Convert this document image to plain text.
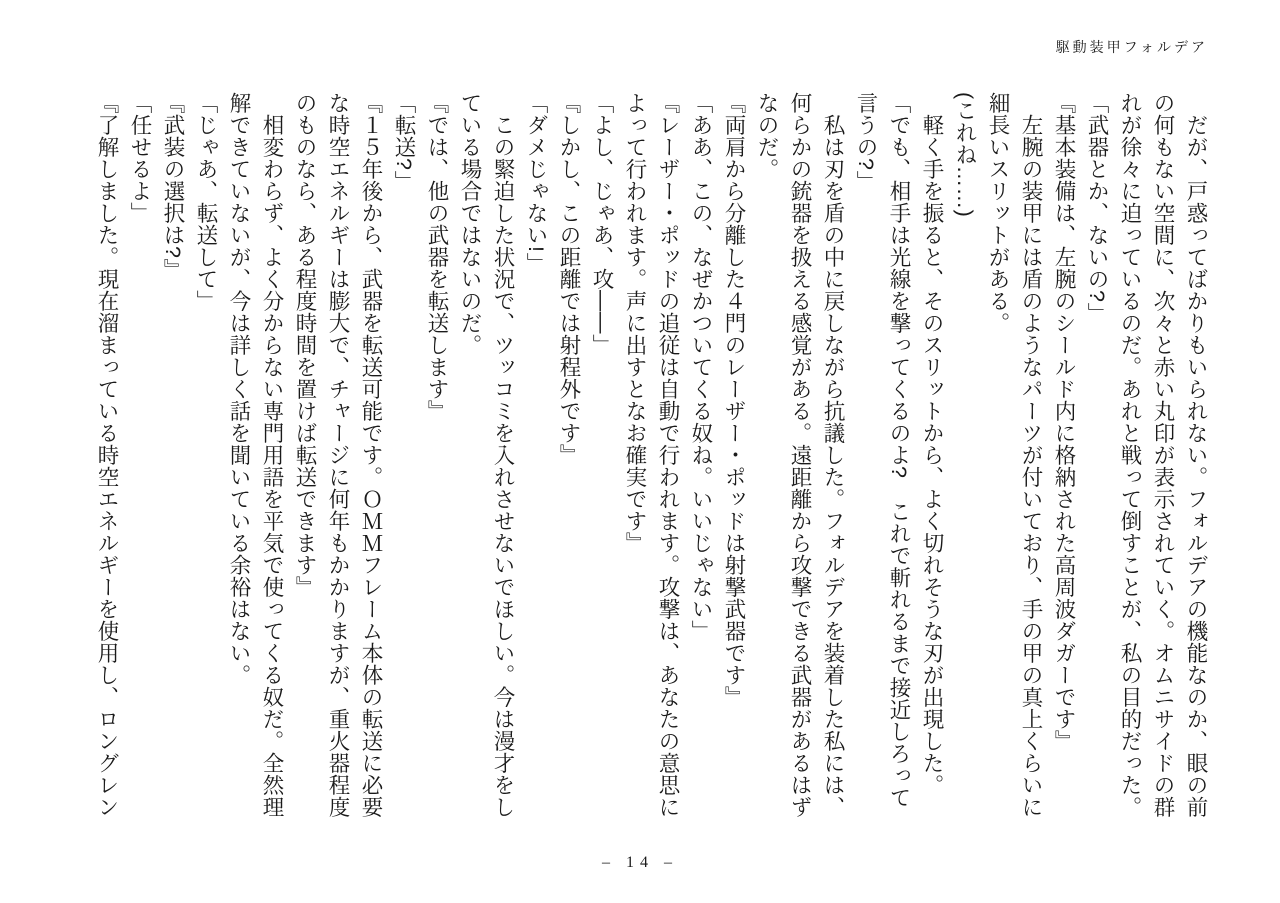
駆動装甲フォルデア

だが、戸惑ってばかりもいられない。フォルデアの機能なのか、眼の前の何もない空間に、次々と赤い丸印が表示されていく。オムニサイドの群れが徐々に迫っているのだ。あれと戦って倒すことが、私の目的だった。

「武器とか、ないの?」

『基本装備は、左腕のシールド内に格納された高周波ダガーです』

左腕の装甲には盾のようなパーツが付いており、手の甲の真上くらいに細長いスリットがある。

(これね……)

軽く手を振ると、そのスリットから、よく切れそうな刃が出現した。

「でも、相手は光線を撃ってくるのよ?　これで斬れるまで接近しろって言うの?」

私は刃を盾の中に戻しながら抗議した。フォルデアを装着した私には、何らかの銃器を扱える感覚がある。遠距離から攻撃できる武器があるはずなのだ。

『両肩から分離した４門のレーザー・ポッドは射撃武器です』

「ああ、この、なぜかついてくる奴ね。いいじゃない」

『レーザー・ポッドの追従は自動で行われます。攻撃は、あなたの意思によって行われます。声に出すとなお確実です』

「よし、じゃあ、攻――」

『しかし、この距離では射程外です』

「ダメじゃない!」

この緊迫した状況で、ツッコミを入れさせないでほしい。今は漫才をしている場合ではないのだ。

『では、他の武器を転送します』

「転送?」

『１５年後から、武器を転送可能です。ＯＭＭフレーム本体の転送に必要な時空エネルギーは膨大で、チャージに何年もかかりますが、重火器程度のものなら、ある程度時間を置けば転送できます』

相変わらず、よく分からない専門用語を平気で使ってくる奴だ。全然理解できていないが、今は詳しく話を聞いている余裕はない。

「じゃあ、転送して」

『武装の選択は?』

「任せるよ」

『了解しました。現在溜まっている時空エネルギーを使用し、ロングレン

– 14 –
